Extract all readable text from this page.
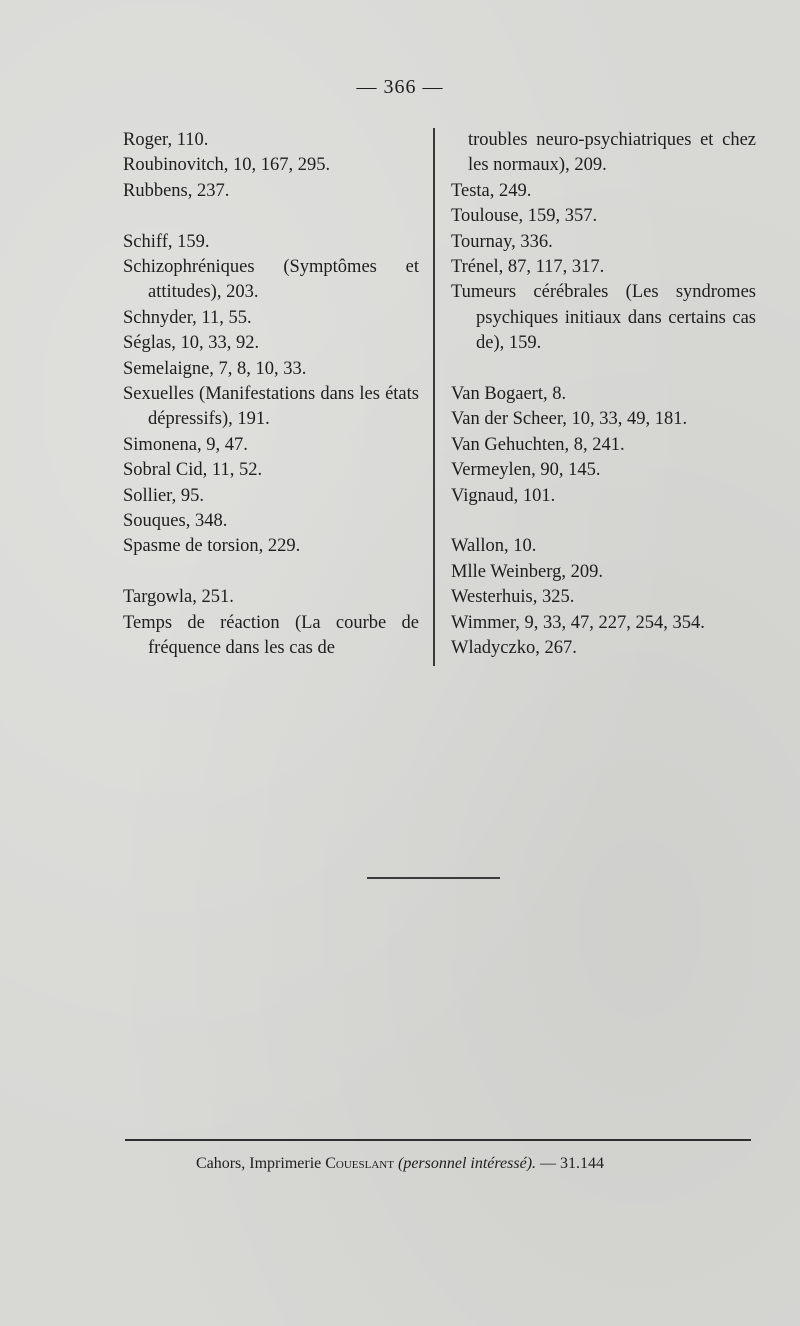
— 366 —
Roger, 110.
Roubinovitch, 10, 167, 295.
Rubbens, 237.
Schiff, 159.
Schizophréniques (Symptômes et attitudes), 203.
Schnyder, 11, 55.
Séglas, 10, 33, 92.
Semelaigne, 7, 8, 10, 33.
Sexuelles (Manifestations dans les états dépressifs), 191.
Simonena, 9, 47.
Sobral Cid, 11, 52.
Sollier, 95.
Souques, 348.
Spasme de torsion, 229.
Targowla, 251.
Temps de réaction (La courbe de fréquence dans les cas de
troubles neuro-psychiatriques et chez les normaux), 209.
Testa, 249.
Toulouse, 159, 357.
Tournay, 336.
Trénel, 87, 117, 317.
Tumeurs cérébrales (Les syndromes psychiques initiaux dans certains cas de), 159.
Van Bogaert, 8.
Van der Scheer, 10, 33, 49, 181.
Van Gehuchten, 8, 241.
Vermeylen, 90, 145.
Vignaud, 101.
Wallon, 10.
Mlle Weinberg, 209.
Westerhuis, 325.
Wimmer, 9, 33, 47, 227, 254, 354.
Wladyczko, 267.
Cahors, Imprimerie Coueslant (personnel intéressé). — 31.144
